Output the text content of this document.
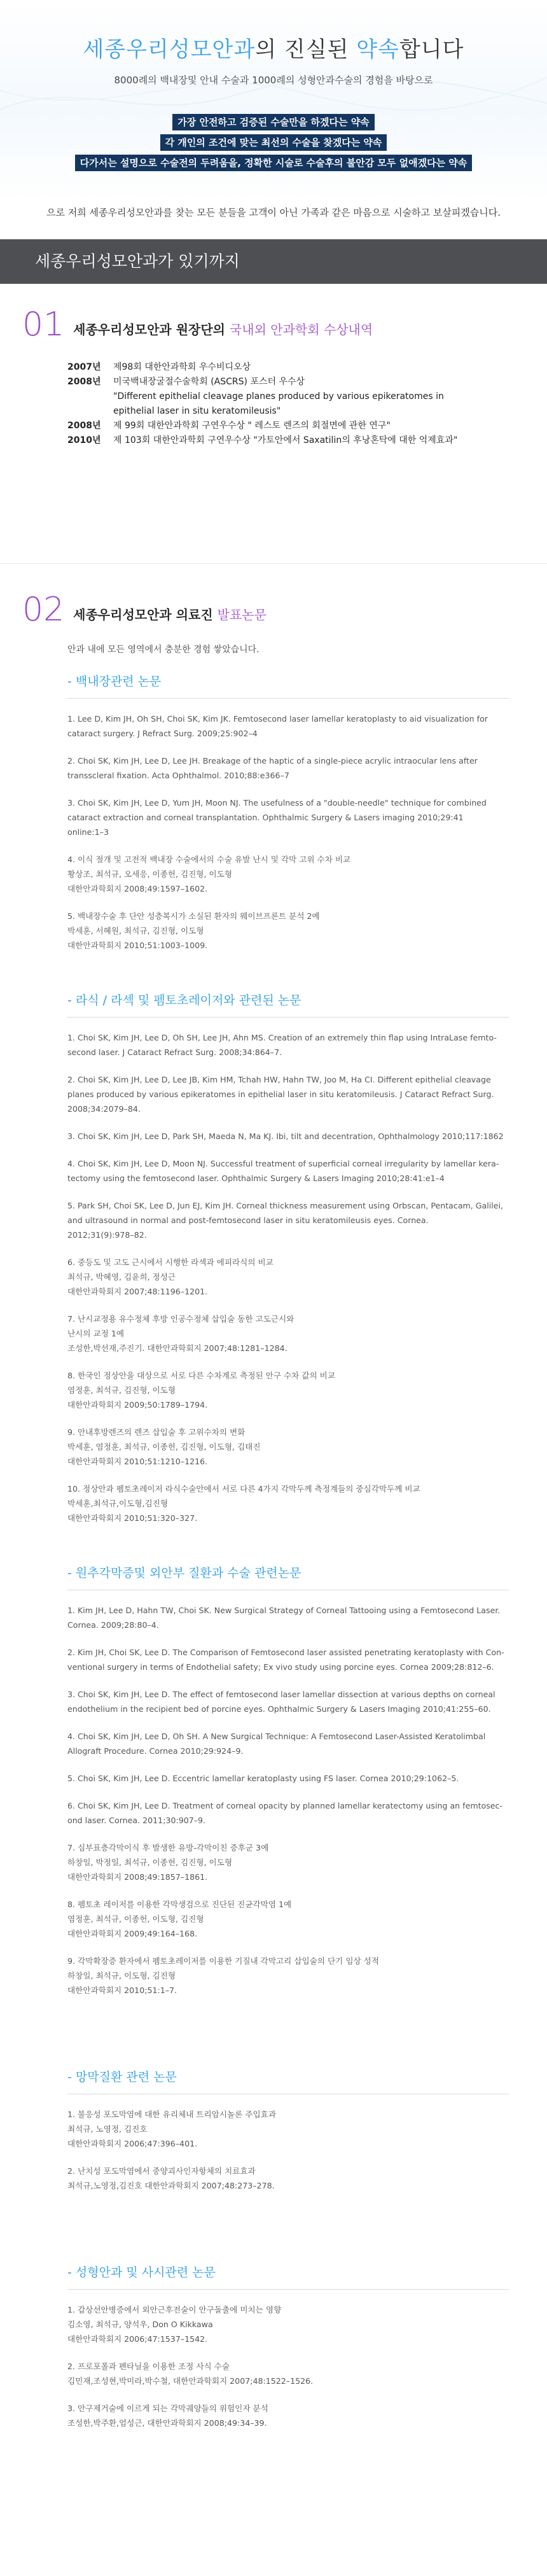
세종우리성모안과의 진실된 약속합니다
8000례의 백내장및 안내 수술과 1000례의 성형안과수술의 경험을 바탕으로
가장 안전하고 검증된 수술만을 하겠다는 약속
각 개인의 조건에 맞는 최선의 수술을 찾겠다는 약속
다가서는 설명으로 수술전의 두려움을, 정확한 시술로 수술후의 불안감 모두 없애겠다는 약속
으로 저희 세종우리성모안과를 찾는 모든 분들을 고객이 아닌 가족과 같은 마음으로 시술하고 보살피겠습니다.
세종우리성모안과가 있기까지
01 세종우리성모안과 원장단의 국내외 안과학회 수상내역
2007년	제98회 대한안과학회 우수비디오상
2008년	미국백내장굴절수술학회 (ASCRS) 포스터 우수상
"Different epithelial cleavage planes produced by various epikeratomes in epithelial laser in situ keratomileusis"
2008년	제 99회 대한안과학회 구연우수상 " 레스토 렌즈의 회절면에 관한 연구"
2010년	제 103회 대한안과학회 구연우수상 "가토안에서 Saxatilin의 후낭혼탁에 대한 억제효과"
02 세종우리성모안과 의료진 발표논문
안과 내에 모든 영역에서 충분한 경험 쌓았습니다.
- 백내장관련 논문
1. Lee D, Kim JH, Oh SH, Choi SK, Kim JK. Femtosecond laser lamellar keratoplasty to aid visualization for
cataract surgery. J Refract Surg. 2009;25:902–4
2. Choi SK, Kim JH, Lee D, Lee JH. Breakage of the haptic of a single-piece acrylic intraocular lens after
transscleral fixation. Acta Ophthalmol. 2010;88:e366–7
3. Choi SK, Kim JH, Lee D, Yum JH, Moon NJ. The usefulness of a "double-needle" technique for combined
cataract extraction and corneal transplantation. Ophthalmic Surgery & Lasers imaging 2010;29:41
online:1–3
4. 이식 절개 및 고전적 백내장 수술에서의 수술 유발 난시 및 각막 고위 수차 비교
황상조, 최석규, 오세응, 이종헌, 김진형, 이도형
대한안과학회지 2008;49:1597–1602.
5. 백내장수술 후 단안 성층복시가 소실된 환자의 웨이브프론트 분석 2예
박세훈, 서혜원, 최석규, 김진형, 이도형
대한안과학회지 2010;51:1003–1009.
- 라식 / 라섹 및 펨토초레이저와 관련된 논문
1. Choi SK, Kim JH, Lee D, Oh SH, Lee JH, Ahn MS. Creation of an extremely thin flap using IntraLase femto-
second laser. J Cataract Refract Surg. 2008;34:864–7.
2. Choi SK, Kim JH, Lee D, Lee JB, Kim HM, Tchah HW, Hahn TW, Joo M, Ha CI. Different epithelial cleavage
planes produced by various epikeratomes in epithelial laser in situ keratomileusis. J Cataract Refract Surg.
2008;34:2079–84.
3. Choi SK, Kim JH, Lee D, Park SH, Maeda N, Ma KJ. Ibi, tilt and decentration, Ophthalmology 2010;117:1862
4. Choi SK, Kim JH, Lee D, Moon NJ. Successful treatment of superficial corneal irregularity by lamellar kera-
tectomy using the femtosecond laser. Ophthalmic Surgery & Lasers Imaging 2010;28:41:e1–4
5. Park SH, Choi SK, Lee D, Jun EJ, Kim JH. Corneal thickness measurement using Orbscan, Pentacam, Galilei,
and ultrasound in normal and post-femtosecond laser in situ keratomileusis eyes. Cornea.
2012;31(9):978–82.
6. 중등도 및 고도 근시에서 시행한 라섹과 에피라식의 비교
최석규, 박혜영, 김윤희, 정성근
대한안과학회지 2007;48:1196–1201.
7. 난시교정용 유수정체 후방 인공수정체 삽입술 동한 고도근시와
난시의 교정 1예
조성한,박선재,주진기. 대한안과학회지 2007;48:1281–1284.
8. 한국인 정상안을 대상으로 서로 다른 수차계로 측정된 안구 수차 값의 비교
염정훈, 최석규, 김진형, 이도형
대한안과학회지 2009;50:1789–1794.
9. 안내후방렌즈의 렌즈 삽입술 후 고위수차의 변화
박세훈, 염정훈, 최석규, 이종헌, 김진형, 이도형, 김태진
대한안과학회지 2010;51:1210–1216.
10. 정상안과 펨토초레이저 라식수술안에서 서로 다른 4가지 각막두께 측정계들의 중심각막두께 비교
박세훈,최석규,이도형,김진형
대한안과학회지 2010;51:320–327.
- 원추각막증및 외안부 질환과 수술 관련논문
1. Kim JH, Lee D, Hahn TW, Choi SK. New Surgical Strategy of Corneal Tattooing using a Femtosecond Laser.
Cornea. 2009;28:80–4.
2. Kim JH, Choi SK, Lee D. The Comparison of Femtosecond laser assisted penetrating keratoplasty with Con-
ventional surgery in terms of Endothelial safety; Ex vivo study using porcine eyes. Cornea 2009;28:812–6.
3. Choi SK, Kim JH, Lee D. The effect of femtosecond laser lamellar dissection at various depths on corneal
endothelium in the recipient bed of porcine eyes. Ophthalmic Surgery & Lasers Imaging 2010;41:255–60.
4. Choi SK, Kim JH, Lee D, Oh SH. A New Surgical Technique: A Femtosecond Laser-Assisted Keratolimbal
Allograft Procedure. Cornea 2010;29:924–9.
5. Choi SK, Kim JH, Lee D. Eccentric lamellar keratoplasty using FS laser. Cornea 2010;29:1062–5.
6. Choi SK, Kim JH, Lee D. Treatment of corneal opacity by planned lamellar keratectomy using an femtosec-
ond laser. Cornea. 2011;30:907–9.
7. 심부표층각막이식 후 발생한 유방-각막이친 증후군 3예
하창일, 박정일, 최석규, 이종헌, 김진형, 이도형
대한안과학회지 2008;49:1857–1861.
8. 펨토초 레이저를 이용한 각막생검으로 진단된 진균각막염 1예
염정훈, 최석규, 이종헌, 이도형, 김진형
대한안과학회지 2009;49:164–168.
9. 각막확장증 환자에서 펨토초레이저를 이용한 기질내 각막고리 삽입술의 단기 임상 성적
하창일, 최석규, 이도형, 김진형
대한안과학회지 2010;51:1–7.
- 망막질환 관련 논문
1. 불응성 포도막염에 대한 유리체내 트리암시놀론 주입효과
최석규, 노영정, 김진호
대한안과학회지 2006;47:396–401.
2. 난치성 포도막염에서 중양괴사인자항체의 치료효과
최석규,노영정,김진호 대한안과학회지 2007;48:273–278.
- 성형안과 및 사시관련 논문
1. 갑상선안병증에서 외안근후전술이 안구돌출에 미치는 영향
김소영, 최석규, 양석우, Don O Kikkawa
대한안과학회지 2006;47:1537–1542.
2. 프로포폴과 펜타닐을 이용한 조정 사식 수술
김민재,조성현,박미라,박수철, 대한안과학회지 2007;48:1522–1526.
3. 안구제거술에 이르게 되는 각막궤양들의 위험인자 분석
조성한,박주환,엄성근, 대한안과학회지 2008;49:34–39.
